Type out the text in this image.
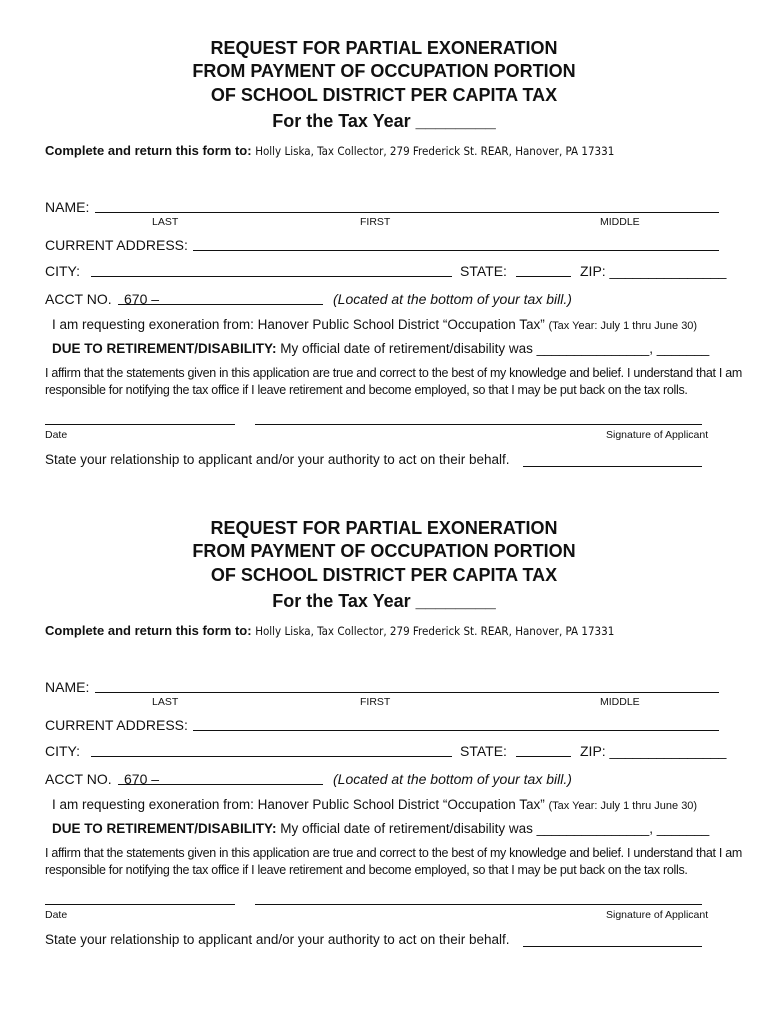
REQUEST FOR PARTIAL EXONERATION
FROM PAYMENT OF OCCUPATION PORTION
OF SCHOOL DISTRICT PER CAPITA TAX
For the Tax Year ________
Complete and return this form to: Holly Liska, Tax Collector, 279 Frederick St. REAR, Hanover, PA 17331
NAME:
LAST	FIRST	MIDDLE
CURRENT ADDRESS:
CITY:	STATE:	ZIP: _______________
ACCT NO. 670 –	(Located at the bottom of your tax bill.)
I am requesting exoneration from: Hanover Public School District “Occupation Tax” (Tax Year: July 1 thru June 30)
DUE TO RETIREMENT/DISABILITY: My official date of retirement/disability was _______________, _______
I affirm that the statements given in this application are true and correct to the best of my knowledge and belief. I understand that I am
responsible for notifying the tax office if I leave retirement and become employed, so that I may be put back on the tax rolls.
Date	Signature of Applicant
State your relationship to applicant and/or your authority to act on their behalf.
REQUEST FOR PARTIAL EXONERATION
FROM PAYMENT OF OCCUPATION PORTION
OF SCHOOL DISTRICT PER CAPITA TAX
For the Tax Year ________
Complete and return this form to: Holly Liska, Tax Collector, 279 Frederick St. REAR, Hanover, PA 17331
NAME:
LAST	FIRST	MIDDLE
CURRENT ADDRESS:
CITY:	STATE:	ZIP: _______________
ACCT NO. 670 –	(Located at the bottom of your tax bill.)
I am requesting exoneration from: Hanover Public School District “Occupation Tax” (Tax Year: July 1 thru June 30)
DUE TO RETIREMENT/DISABILITY: My official date of retirement/disability was _______________, _______
I affirm that the statements given in this application are true and correct to the best of my knowledge and belief. I understand that I am
responsible for notifying the tax office if I leave retirement and become employed, so that I may be put back on the tax rolls.
Date	Signature of Applicant
State your relationship to applicant and/or your authority to act on their behalf.
